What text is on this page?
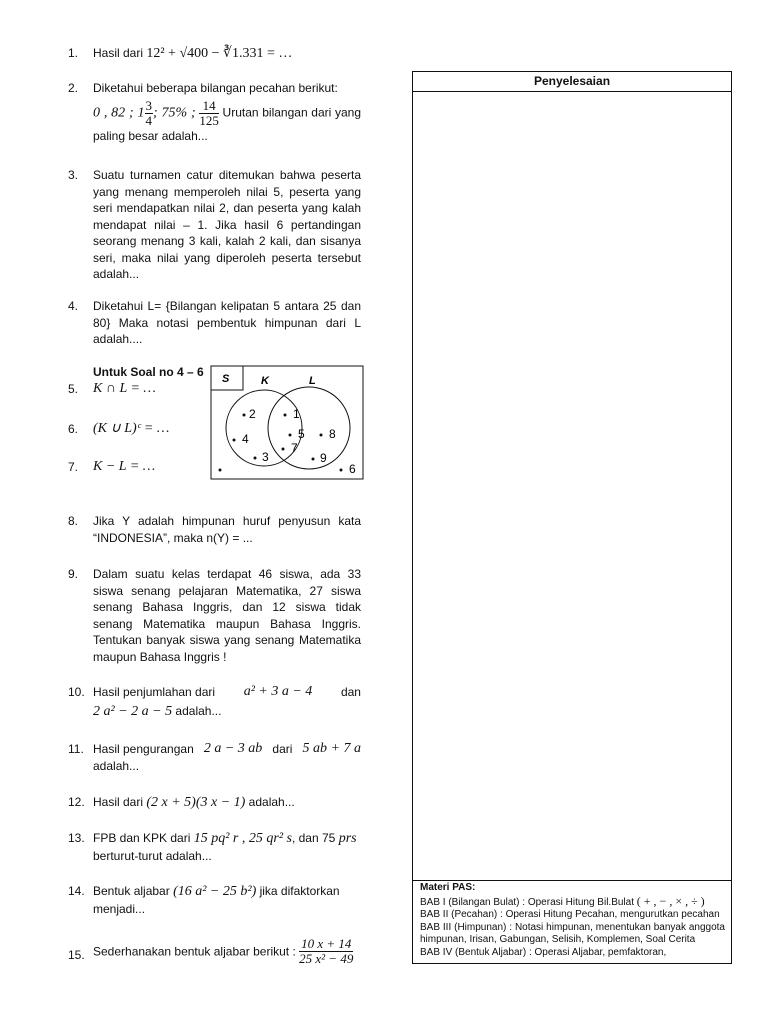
1.	Hasil dari 12² + √400 − ∛1.331 = …
2.	Diketahui beberapa bilangan pecahan berikut:
0 , 82 ; $1 \frac{3}{4}$ ; 75% ; $\frac{14}{125}$ Urutan bilangan dari yang paling besar adalah...
3.	Suatu turnamen catur ditemukan bahwa peserta yang menang memperoleh nilai 5, peserta yang seri mendapatkan nilai 2, dan peserta yang kalah mendapat nilai – 1. Jika hasil 6 pertandingan seorang menang 3 kali, kalah 2 kali, dan sisanya seri, maka nilai yang diperoleh peserta tersebut adalah...
4.	Diketahui L= {Bilangan kelipatan 5 antara 25 dan 80} Maka notasi pembentuk himpunan dari L adalah....
Untuk Soal no 4 – 6
5.	K ∩ L = …
6.	(K ∪ L)ᶜ = …
7.	K − L = …
S	K	L
2
4
3
1
5
7
8
9
6
8.	Jika Y adalah himpunan huruf penyusun kata “INDONESIA”, maka n(Y) = ...
9.	Dalam suatu kelas terdapat 46 siswa, ada 33 siswa senang pelajaran Matematika, 27 siswa senang Bahasa Inggris, dan 12 siswa tidak senang Matematika maupun Bahasa Inggris. Tentukan banyak siswa yang senang Matematika maupun Bahasa Inggris !
10. Hasil penjumlahan dari a² + 3 a − 4 dan
2 a² − 2 a − 5 adalah...
11. Hasil pengurangan 2 a − 3 ab dari 5 ab + 7 a
adalah...
12. Hasil dari (2 x + 5)(3 x − 1) adalah...
13. FPB dan KPK dari 15 pq² r , 25 qr² s, dan 75 prs
berturut-turut adalah...
14. Bentuk aljabar (16 a² − 25 b²) jika difaktorkan
menjadi...
15. Sederhanakan bentuk aljabar berikut : $\frac{10 x + 14}{\text{25 x² − 49}}$
Penyelesaian
Materi PAS:
BAB I (Bilangan Bulat) : Operasi Hitung Bil.Bulat ( + , − , × , ÷ )
BAB II (Pecahan) : Operasi Hitung Pecahan, mengurutkan pecahan
BAB III (Himpunan) : Notasi himpunan, menentukan banyak anggota himpunan, Irisan, Gabungan, Selisih, Komplemen, Soal Cerita
BAB IV (Bentuk Aljabar) : Operasi Aljabar, pemfaktoran,
